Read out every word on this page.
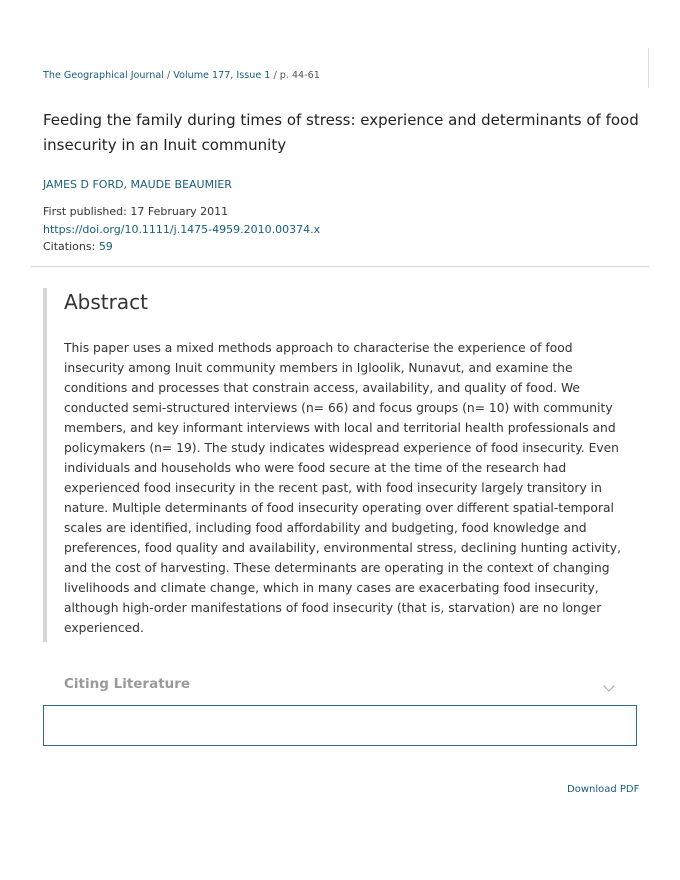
The Geographical Journal / Volume 177, Issue 1 / p. 44-61
Feeding the family during times of stress: experience and determinants of food insecurity in an Inuit community
JAMES D FORD, MAUDE BEAUMIER
First published: 17 February 2011
https://doi.org/10.1111/j.1475-4959.2010.00374.x
Citations: 59
Abstract

This paper uses a mixed methods approach to characterise the experience of food insecurity among Inuit community members in Igloolik, Nunavut, and examine the conditions and processes that constrain access, availability, and quality of food. We conducted semi-structured interviews (n= 66) and focus groups (n= 10) with community members, and key informant interviews with local and territorial health professionals and policymakers (n= 19). The study indicates widespread experience of food insecurity. Even individuals and households who were food secure at the time of the research had experienced food insecurity in the recent past, with food insecurity largely transitory in nature. Multiple determinants of food insecurity operating over different spatial-temporal scales are identified, including food affordability and budgeting, food knowledge and preferences, food quality and availability, environmental stress, declining hunting activity, and the cost of harvesting. These determinants are operating in the context of changing livelihoods and climate change, which in many cases are exacerbating food insecurity, although high-order manifestations of food insecurity (that is, starvation) are no longer experienced.

Citing Literature
Download PDF
